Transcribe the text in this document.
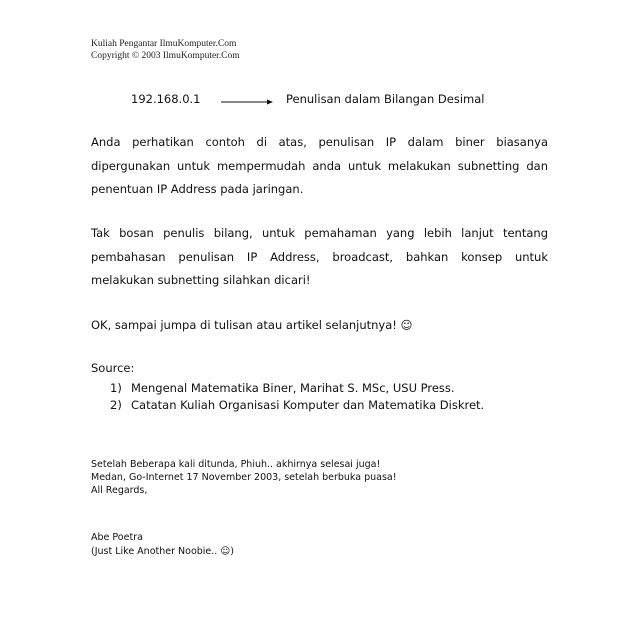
Kuliah Pengantar IlmuKomputer.Com
Copyright © 2003 IlmuKomputer.Com
192.168.0.1	Penulisan dalam Bilangan Desimal
Anda perhatikan contoh di atas, penulisan IP dalam biner biasanya dipergunakan untuk mempermudah anda untuk melakukan subnetting dan penentuan IP Address pada jaringan.
Tak bosan penulis bilang, untuk pemahaman yang lebih lanjut tentang pembahasan penulisan IP Address, broadcast, bahkan konsep untuk melakukan subnetting silahkan dicari!
OK, sampai jumpa di tulisan atau artikel selanjutnya! ☺
Source:
1) Mengenal Matematika Biner, Marihat S. MSc, USU Press.
2) Catatan Kuliah Organisasi Komputer dan Matematika Diskret.
Setelah Beberapa kali ditunda, Phiuh.. akhirnya selesai juga!
Medan, Go-Internet 17 November 2003, setelah berbuka puasa!
All Regards,
Abe Poetra
(Just Like Another Noobie.. ☺)
